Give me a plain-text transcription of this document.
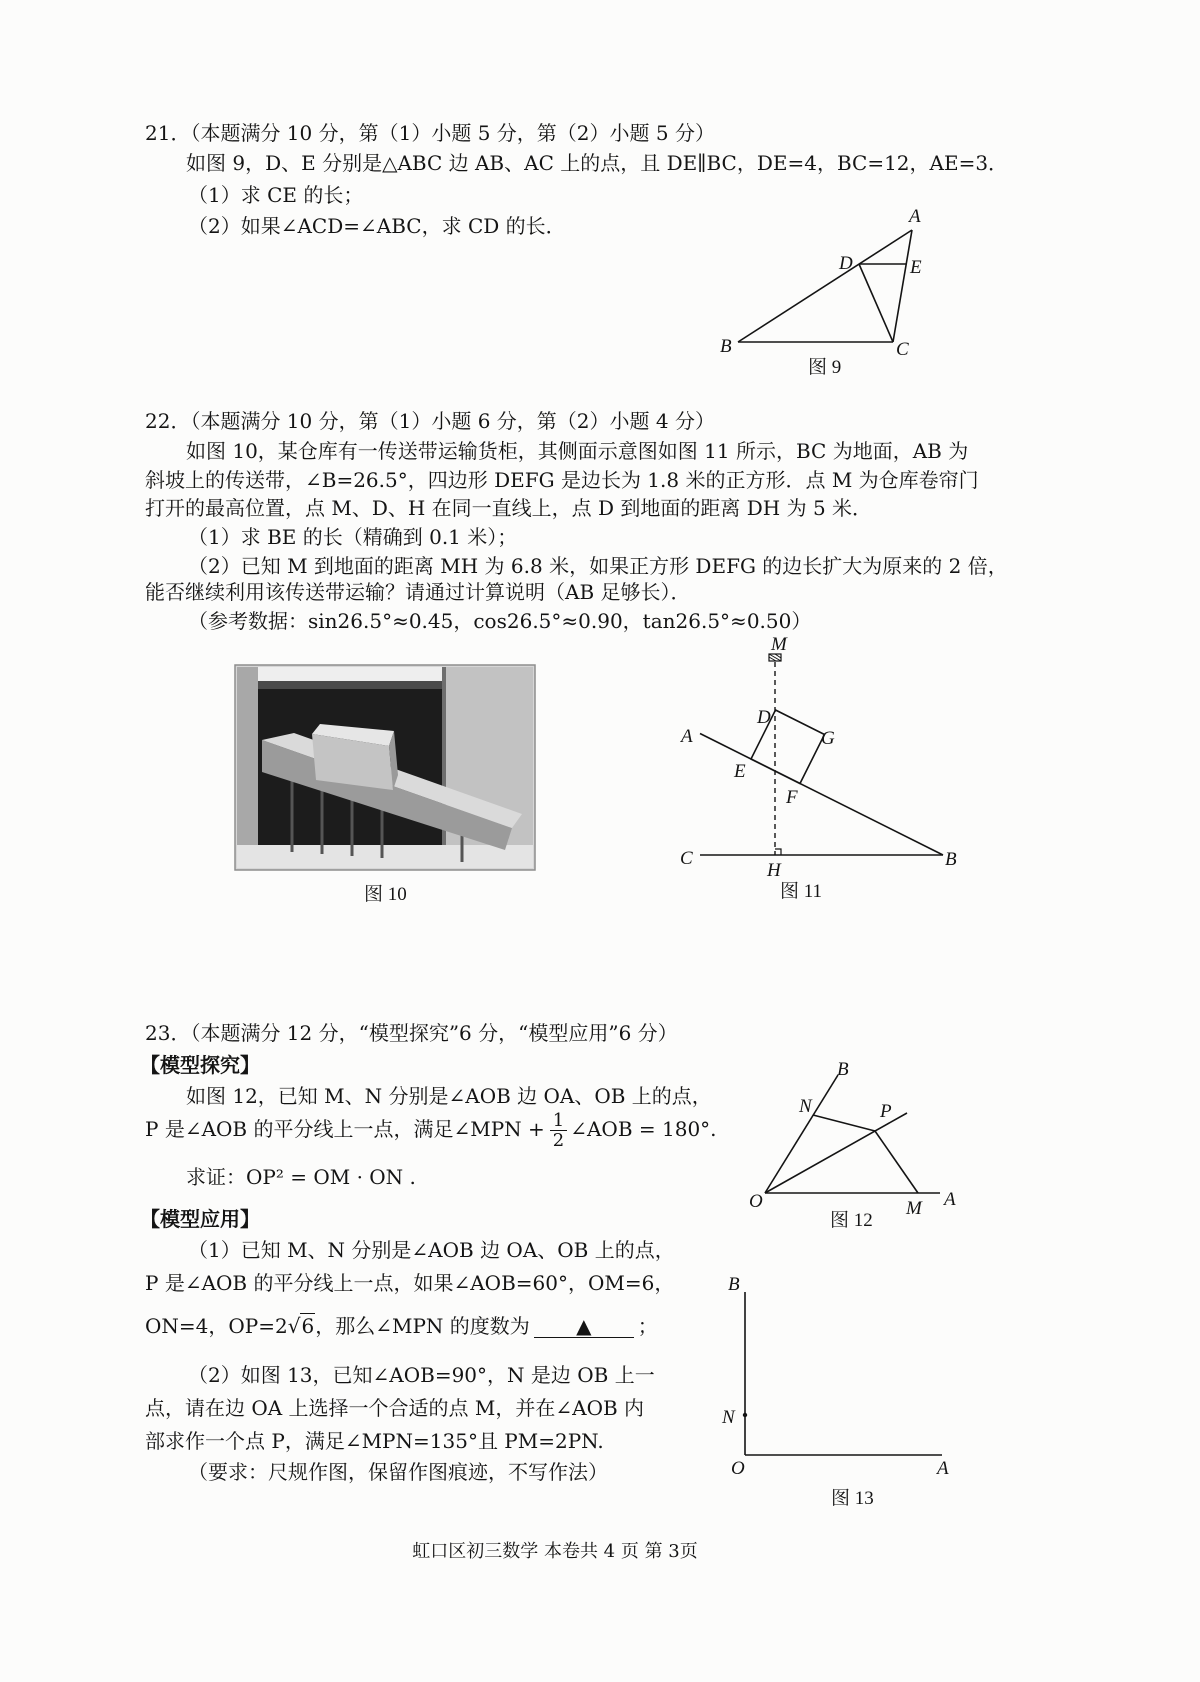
21．（本题满分 10 分，第（1）小题 5 分，第（2）小题 5 分）
如图 9，D、E 分别是△ABC 边 AB、AC 上的点，且 DE∥BC，DE=4，BC=12，AE=3．
（1）求 CE 的长；
（2）如果∠ACD=∠ABC，求 CD 的长．	A
D	E
B	C
图 9
22．（本题满分 10 分，第（1）小题 6 分，第（2）小题 4 分）
如图 10，某仓库有一传送带运输货柜，其侧面示意图如图 11 所示，BC 为地面，AB 为
斜坡上的传送带，∠B=26.5°，四边形 DEFG 是边长为 1.8 米的正方形．点 M 为仓库卷帘门
打开的最高位置，点 M、D、H 在同一直线上，点 D 到地面的距离 DH 为 5 米．
（1）求 BE 的长（精确到 0.1 米）；
（2）已知 M 到地面的距离 MH 为 6.8 米，如果正方形 DEFG 的边长扩大为原来的 2 倍，
能否继续利用该传送带运输？请通过计算说明（AB 足够长）．
（参考数据：sin26.5°≈0.45，cos26.5°≈0.90，tan26.5°≈0.50）
图 10
M
A
D
G
E
F
C
H
B
图 11
23．（本题满分 12 分，“模型探究”6 分，“模型应用”6 分）
【模型探究】
如图 12，已知 M、N 分别是∠AOB 边 OA、OB 上的点，
P 是∠AOB 的平分线上一点，满足∠MPN + $\frac{1}{2}$ ∠AOB = 180°.
求证：OP² = OM · ON .
【模型应用】
（1）已知 M、N 分别是∠AOB 边 OA、OB 上的点，
P 是∠AOB 的平分线上一点，如果∠AOB=60°，OM=6，
ON=4，OP=2√6，那么∠MPN 的度数为 ▲ ；
（2）如图 13，已知∠AOB=90°，N 是边 OB 上一
点，请在边 OA 上选择一个合适的点 M，并在∠AOB 内
部求作一个点 P，满足∠MPN=135°且 PM=2PN.
（要求：尺规作图，保留作图痕迹，不写作法）
B
N	P
O	M A
图 12
B
N
O	A
图 13
虹口区初三数学 本卷共 4 页 第 3页
